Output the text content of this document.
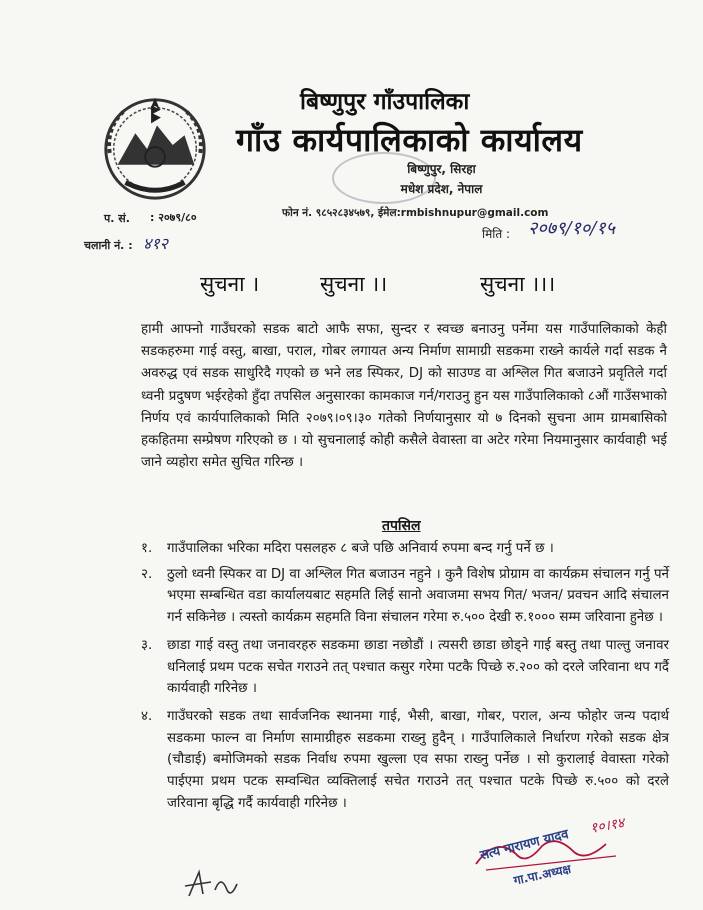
बिष्णुपुर गाँउपालिका
गाँउ कार्यपालिकाको कार्यालय
बिष्णुपुर, सिरहा
मधेश प्रदेश, नेपाल
प. सं. : २०७९/८०	फोन नं. ९८५२८३४५७९, ईमेल:rmbishnupur@gmail.com
चलानी नं. : ४१२	मिति : २०७९/१०/१५
सुचना ।	सुचना ।।	सुचना ।।।
हामी आफ्नो गाउँघरको सडक बाटो आफै सफा, सुन्दर र स्वच्छ बनाउनु पर्नेमा यस गाउँपालिकाको केही सडकहरुमा गाई वस्तु, बाखा, पराल, गोबर लगायत अन्य निर्माण सामाग्री सडकमा राख्ने कार्यले गर्दा सडक नै अवरुद्ध एवं सडक साधुरिदै गएको छ भने लड स्पिकर, DJ को साउण्ड वा अश्लिल गित बजाउने प्रवृतिले गर्दा ध्वनी प्रदुषण भईरहेको हुँदा तपसिल अनुसारका कामकाज गर्न/गराउनु हुन यस गाउँपालिकाको ८औं गाउँसभाको निर्णय एवं कार्यपालिकाको मिति २०७९।०९।३० गतेको निर्णयानुसार यो ७ दिनको सुचना आम ग्रामबासिको हकहितमा सम्प्रेषण गरिएको छ । यो सुचनालाई कोही कसैले वेवास्ता वा अटेर गरेमा नियमानुसार कार्यवाही भई जाने व्यहोरा समेत सुचित गरिन्छ ।
तपसिल
१.	गाउँपालिका भरिका मदिरा पसलहरु ८ बजे पछि अनिवार्य रुपमा बन्द गर्नु पर्ने छ ।
२.	ठुलो ध्वनी स्पिकर वा DJ वा अश्लिल गित बजाउन नहुने । कुनै विशेष प्रोग्राम वा कार्यक्रम संचालन गर्नु पर्ने भएमा सम्बन्धित वडा कार्यालयबाट सहमति लिई सानो अवाजमा सभय गित/ भजन/ प्रवचन आदि संचालन गर्न सकिनेछ । त्यस्तो कार्यक्रम सहमति विना संचालन गरेमा रु.५०० देखी रु.१००० सम्म जरिवाना हुनेछ ।
३.	छाडा गाई वस्तु तथा जनावरहरु सडकमा छाडा नछोडौं । त्यसरी छाडा छोड्ने गाई बस्तु तथा पाल्तु जनावर धनिलाई प्रथम पटक सचेत गराउने तत् पश्चात कसुर गरेमा पटकै पिच्छे रु.२०० को दरले जरिवाना थप गर्दै कार्यवाही गरिनेछ ।
४.	गाउँघरको सडक तथा सार्वजनिक स्थानमा गाई, भैसी, बाखा, गोबर, पराल, अन्य फोहोर जन्य पदार्थ सडकमा फाल्न वा निर्माण सामाग्रीहरु सडकमा राख्नु हुदैन् । गाउँपालिकाले निर्धारण गरेको सडक क्षेत्र (चौडाई) बमोजिमको सडक निर्वाध रुपमा खुल्ला एव सफा राख्नु पर्नेछ । सो कुरालाई वेवास्ता गरेको पाईएमा प्रथम पटक सम्वन्धित व्यक्तिलाई सचेत गराउने तत् पश्चात पटके पिच्छे रु.५०० को दरले जरिवाना बृद्धि गर्दै कार्यवाही गरिनेछ ।
१०।१४
सत्य नारायण यादव
गा.पा.अध्यक्ष
